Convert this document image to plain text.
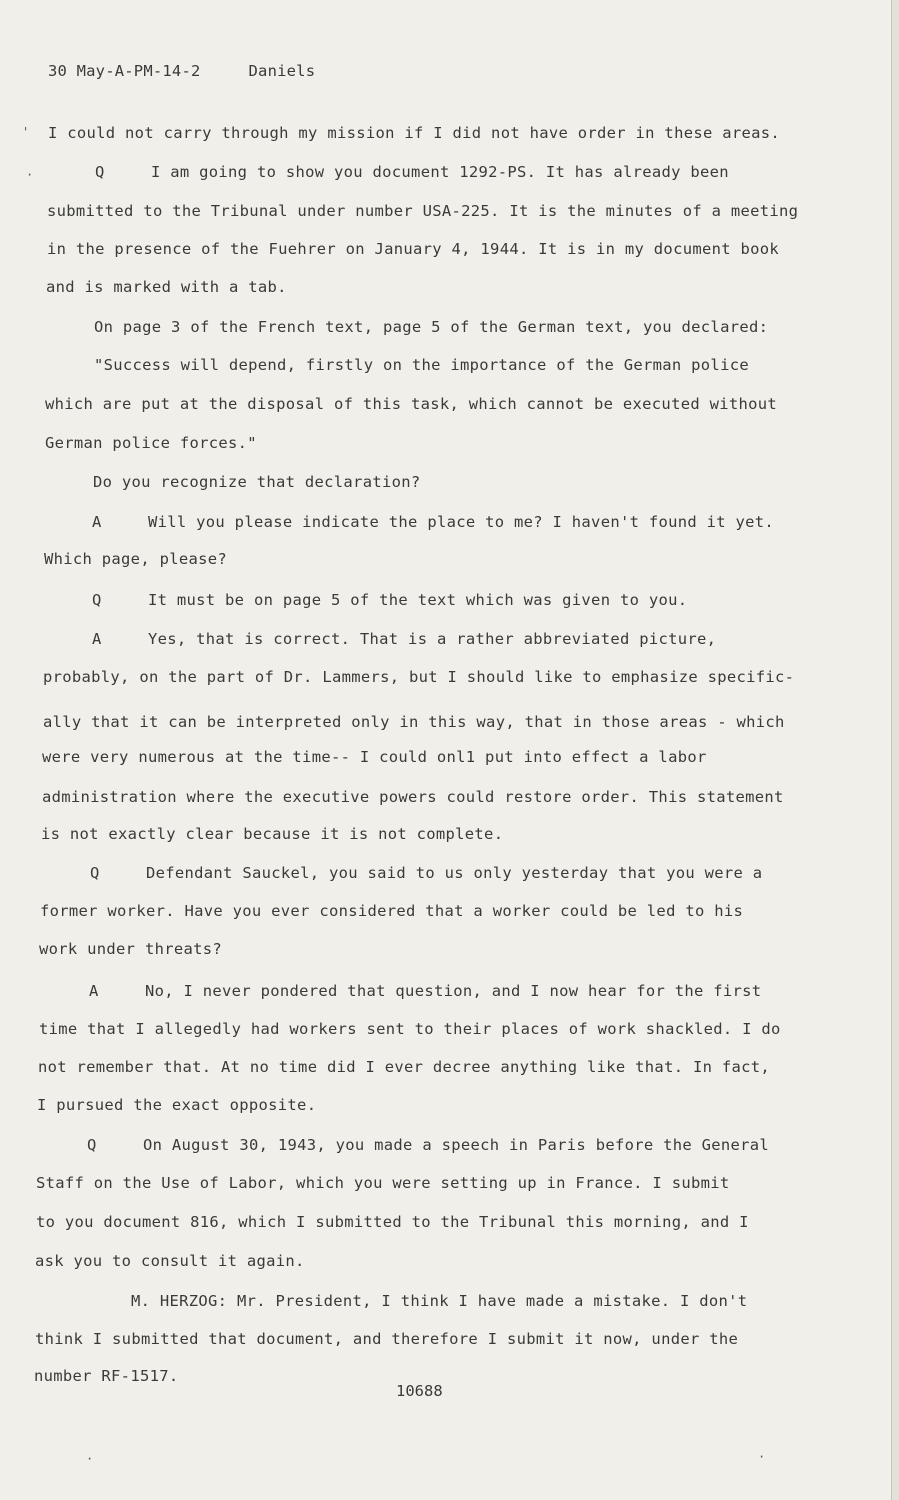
30 May-A-PM-14-2	Daniels
I could not carry through my mission if I did not have order in these areas.
Q	I am going to show you document 1292-PS. It has already been
submitted to the Tribunal under number USA-225. It is the minutes of a meeting
in the presence of the Fuehrer on January 4, 1944. It is in my document book
and is marked with a tab.
On page 3 of the French text, page 5 of the German text, you declared:
"Success will depend, firstly on the importance of the German police
which are put at the disposal of this task, which cannot be executed without
German police forces."
Do you recognize that declaration?
A	Will you please indicate the place to me? I haven't found it yet.
Which page, please?
Q	It must be on page 5 of the text which was given to you.
A	Yes, that is correct. That is a rather abbreviated picture,
probably, on the part of Dr. Lammers, but I should like to emphasize specific-
ally that it can be interpreted only in this way, that in those areas - which
were very numerous at the time-- I could onl1 put into effect a labor
administration where the executive powers could restore order. This statement
is not exactly clear because it is not complete.
Q	Defendant Sauckel, you said to us only yesterday that you were a
former worker. Have you ever considered that a worker could be led to his
work under threats?
A	No, I never pondered that question, and I now hear for the first
time that I allegedly had workers sent to their places of work shackled. I do
not remember that. At no time did I ever decree anything like that. In fact,
I pursued the exact opposite.
Q	On August 30, 1943, you made a speech in Paris before the General
Staff on the Use of Labor, which you were setting up in France. I submit
to you document 816, which I submitted to the Tribunal this morning, and I
ask you to consult it again.
M. HERZOG: Mr. President, I think I have made a mistake. I don't
think I submitted that document, and therefore I submit it now, under the
number RF-1517.
10688
'
·
·	·
